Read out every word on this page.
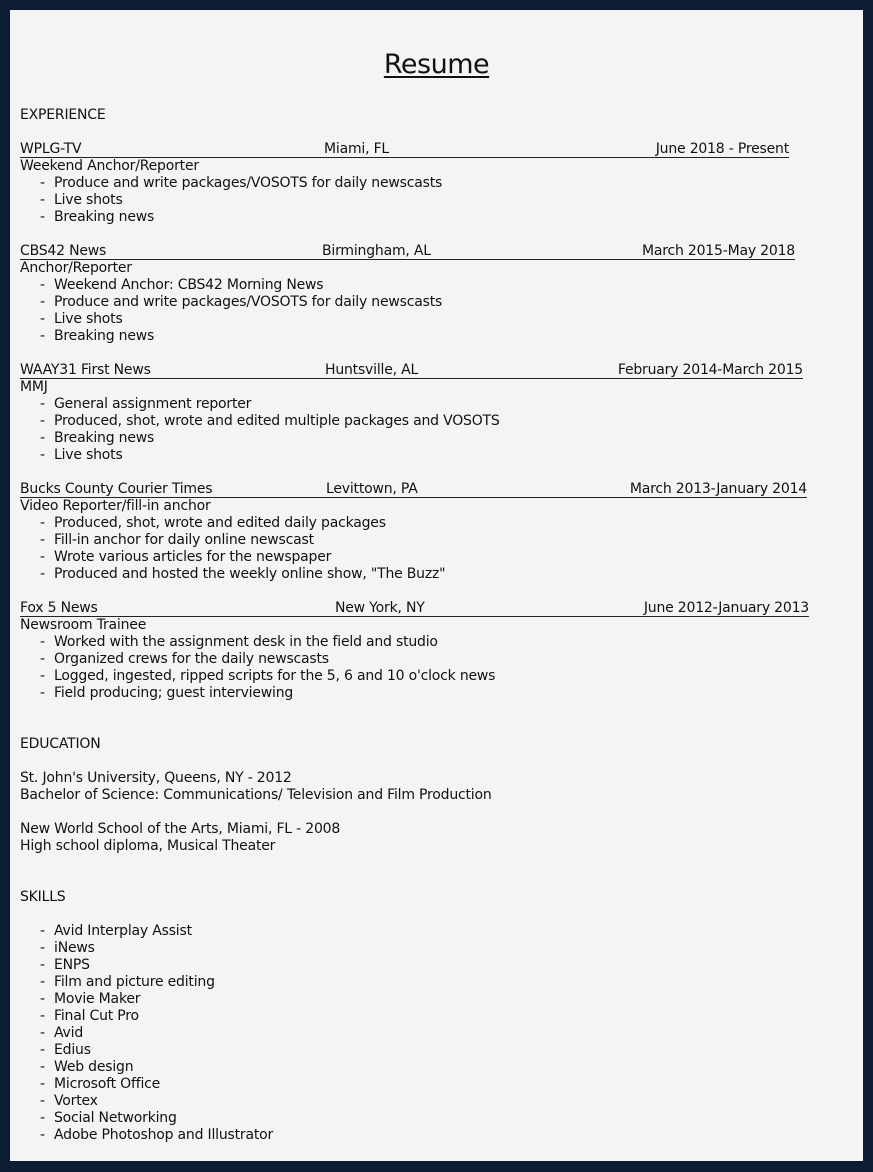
Resume
EXPERIENCE
WPLG-TV	Miami, FL	June 2018 - Present
Weekend Anchor/Reporter
- Produce and write packages/VOSOTS for daily newscasts
- Live shots
- Breaking news
CBS42 News	Birmingham, AL	March 2015-May 2018
Anchor/Reporter
- Weekend Anchor: CBS42 Morning News
- Produce and write packages/VOSOTS for daily newscasts
- Live shots
- Breaking news
WAAY31 First News	Huntsville, AL	February 2014-March 2015
MMJ
- General assignment reporter
- Produced, shot, wrote and edited multiple packages and VOSOTS
- Breaking news
- Live shots
Bucks County Courier Times	Levittown, PA	March 2013-January 2014
Video Reporter/fill-in anchor
- Produced, shot, wrote and edited daily packages
- Fill-in anchor for daily online newscast
- Wrote various articles for the newspaper
- Produced and hosted the weekly online show, "The Buzz"
Fox 5 News	New York, NY	June 2012-January 2013
Newsroom Trainee
- Worked with the assignment desk in the field and studio
- Organized crews for the daily newscasts
- Logged, ingested, ripped scripts for the 5, 6 and 10 o'clock news
- Field producing; guest interviewing
EDUCATION
St. John's University, Queens, NY - 2012
Bachelor of Science: Communications/ Television and Film Production
New World School of the Arts, Miami, FL - 2008
High school diploma, Musical Theater
SKILLS
- Avid Interplay Assist
- iNews
- ENPS
- Film and picture editing
- Movie Maker
- Final Cut Pro
- Avid
- Edius
- Web design
- Microsoft Office
- Vortex
- Social Networking
- Adobe Photoshop and Illustrator
